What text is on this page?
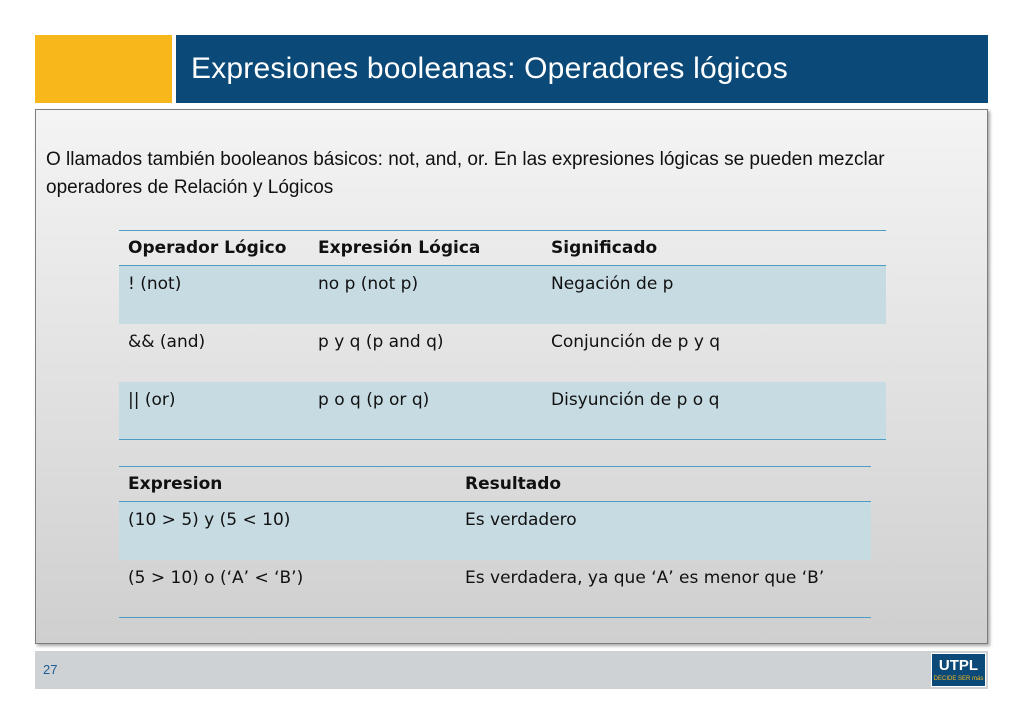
Expresiones booleanas: Operadores lógicos
O llamados también booleanos básicos: not, and, or. En las expresiones lógicas se pueden mezclar operadores de Relación y Lógicos
Operador Lógico	Expresión Lógica	Significado
! (not)	no p (not p)	Negación de p
&& (and)	p y q (p and q)	Conjunción de p y q
|| (or)	p o q (p or q)	Disyunción de p o q
Expresion	Resultado
(10 > 5) y (5 < 10)	Es verdadero
(5 > 10) o (‘A’ < ‘B’)	Es verdadera, ya que ‘A’ es menor que ‘B’
27	UTPL
DECIDE SER más
